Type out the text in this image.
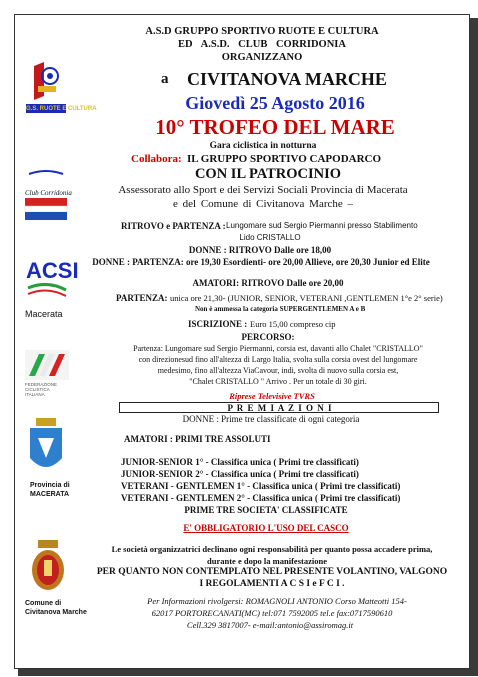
G.S. RUOTE E CULTURA
Club Corridonia
ACSI
Macerata
FEDERAZIONE CICLISTICA ITALIANA
Provincia di
MACERATA
Comune di
Civitanova Marche
A.S.D GRUPPO SPORTIVO RUOTE E CULTURA
ED A.S.D. CLUB CORRIDONIA
ORGANIZZANO
a CIVITANOVA MARCHE
Giovedì 25 Agosto 2016
10° TROFEO DEL MARE
Gara ciclistica in notturna
Collabora: IL GRUPPO SPORTIVO CAPODARCO
CON IL PATROCINIO
Assessorato allo Sport e dei Servizi Sociali Provincia di Macerata
e del Comune di Civitanova Marche –
RITROVO e PARTENZA : Lungomare sud Sergio Piermanni presso Stabilimento
Lido CRISTALLO
DONNE : RITROVO Dalle ore 18,00
DONNE : PARTENZA: ore 19,30 Esordienti- ore 20,00 Allieve, ore 20,30 Junior ed Elite
AMATORI: RITROVO Dalle ore 20,00
PARTENZA: unica ore 21,30- (JUNIOR, SENIOR, VETERANI ,GENTLEMEN 1°e 2° serie)
Non è ammessa la categoria SUPERGENTLEMEN A e B
ISCRIZIONE : Euro 15,00 compreso cip
PERCORSO:
Partenza: Lungomare sud Sergio Piermanni, corsia est, davanti allo Chalet "CRISTALLO"
con direzionesud fino all'altezza di Largo Italia, svolta sulla corsia ovest del lungomare
medesimo, fino all'altezza ViaCavour, indi, svolta di nuovo sulla corsia est,
"Chalet CRISTALLO " Arrivo . Per un totale di 30 giri.
Riprese Televisive TVRS
P R E M I A Z I O N I
DONNE : Prime tre classificate di ogni categoria
AMATORI : PRIMI TRE ASSOLUTI
JUNIOR-SENIOR 1° - Classifica unica ( Primi tre classificati)
JUNIOR-SENIOR 2° - Classifica unica ( Primi tre classificati)
VETERANI - GENTLEMEN 1° - Classifica unica ( Primi tre classificati)
VETERANI - GENTLEMEN 2° - Classifica unica ( Primi tre classificati)
PRIME TRE SOCIETA' CLASSIFICATE
E' OBBLIGATORIO L'USO DEL CASCO
Le società organizzatrici declinano ogni responsabilità per quanto possa accadere prima,
durante e dopo la manifestazione
PER QUANTO NON CONTEMPLATO NEL PRESENTE VOLANTINO, VALGONO
I REGOLAMENTI A C S I e F C I .
Per Informazioni rivolgersi: ROMAGNOLI ANTONIO Corso Matteotti 154-
62017 PORTORECANATI(MC) tel:071 7592005 tel.e fax:0717590610
Cell.329 3817007- e-mail:antonio@assiromag.it
